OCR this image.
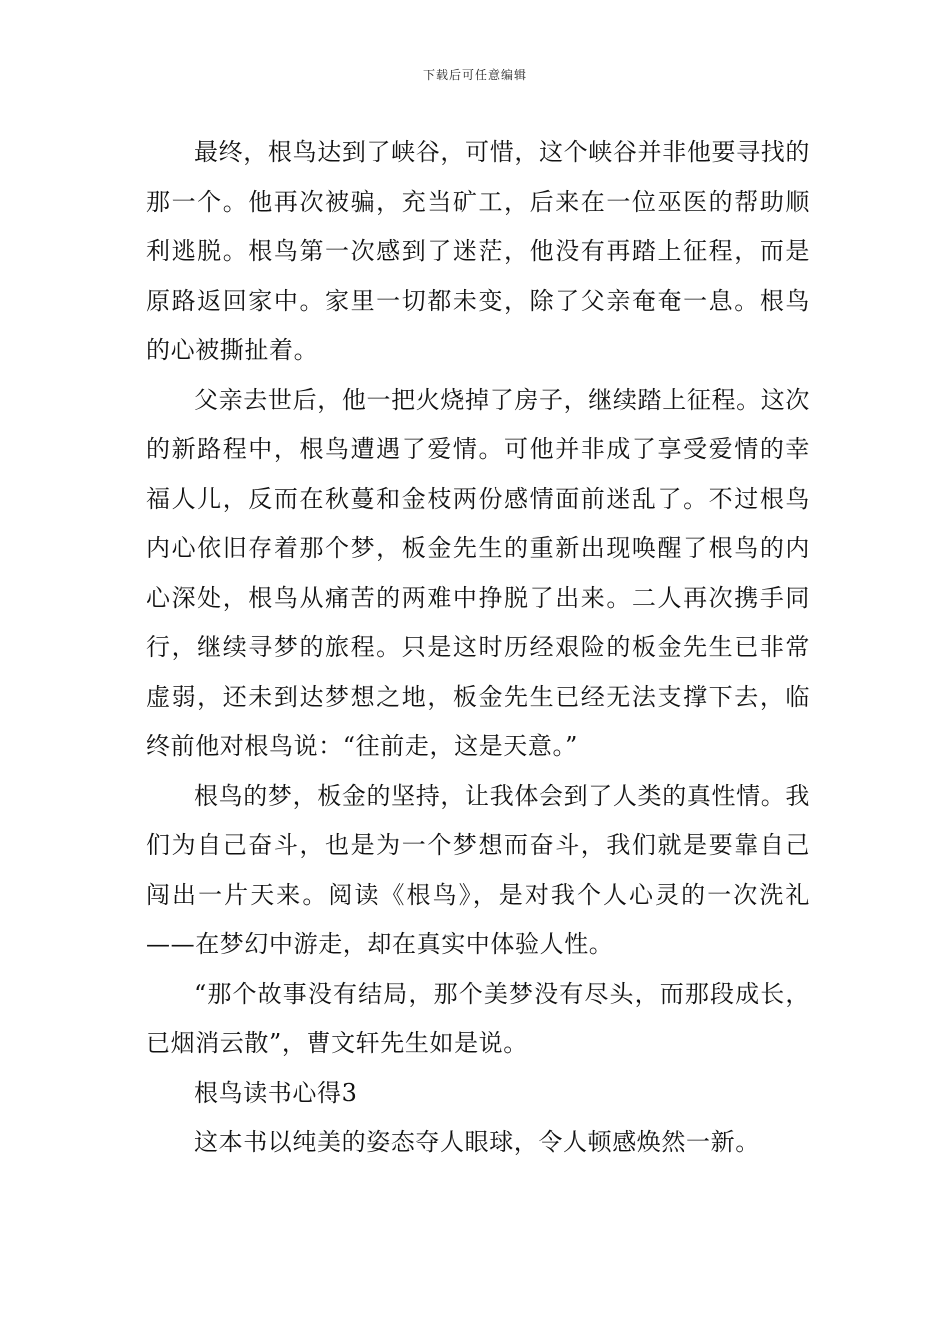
下载后可任意编辑

最终，根鸟达到了峡谷，可惜，这个峡谷并非他要寻找的那一个。他再次被骗，充当矿工，后来在一位巫医的帮助顺利逃脱。根鸟第一次感到了迷茫，他没有再踏上征程，而是原路返回家中。家里一切都未变，除了父亲奄奄一息。根鸟的心被撕扯着。

父亲去世后，他一把火烧掉了房子，继续踏上征程。这次的新路程中，根鸟遭遇了爱情。可他并非成了享受爱情的幸福人儿，反而在秋蔓和金枝两份感情面前迷乱了。不过根鸟内心依旧存着那个梦，板金先生的重新出现唤醒了根鸟的内心深处，根鸟从痛苦的两难中挣脱了出来。二人再次携手同行，继续寻梦的旅程。只是这时历经艰险的板金先生已非常虚弱，还未到达梦想之地，板金先生已经无法支撑下去，临终前他对根鸟说：“往前走，这是天意。”

根鸟的梦，板金的坚持，让我体会到了人类的真性情。我们为自己奋斗，也是为一个梦想而奋斗，我们就是要靠自己闯出一片天来。阅读《根鸟》，是对我个人心灵的一次洗礼——在梦幻中游走，却在真实中体验人性。

“那个故事没有结局，那个美梦没有尽头，而那段成长，已烟消云散”，曹文轩先生如是说。

根鸟读书心得3

这本书以纯美的姿态夺人眼球，令人顿感焕然一新。
